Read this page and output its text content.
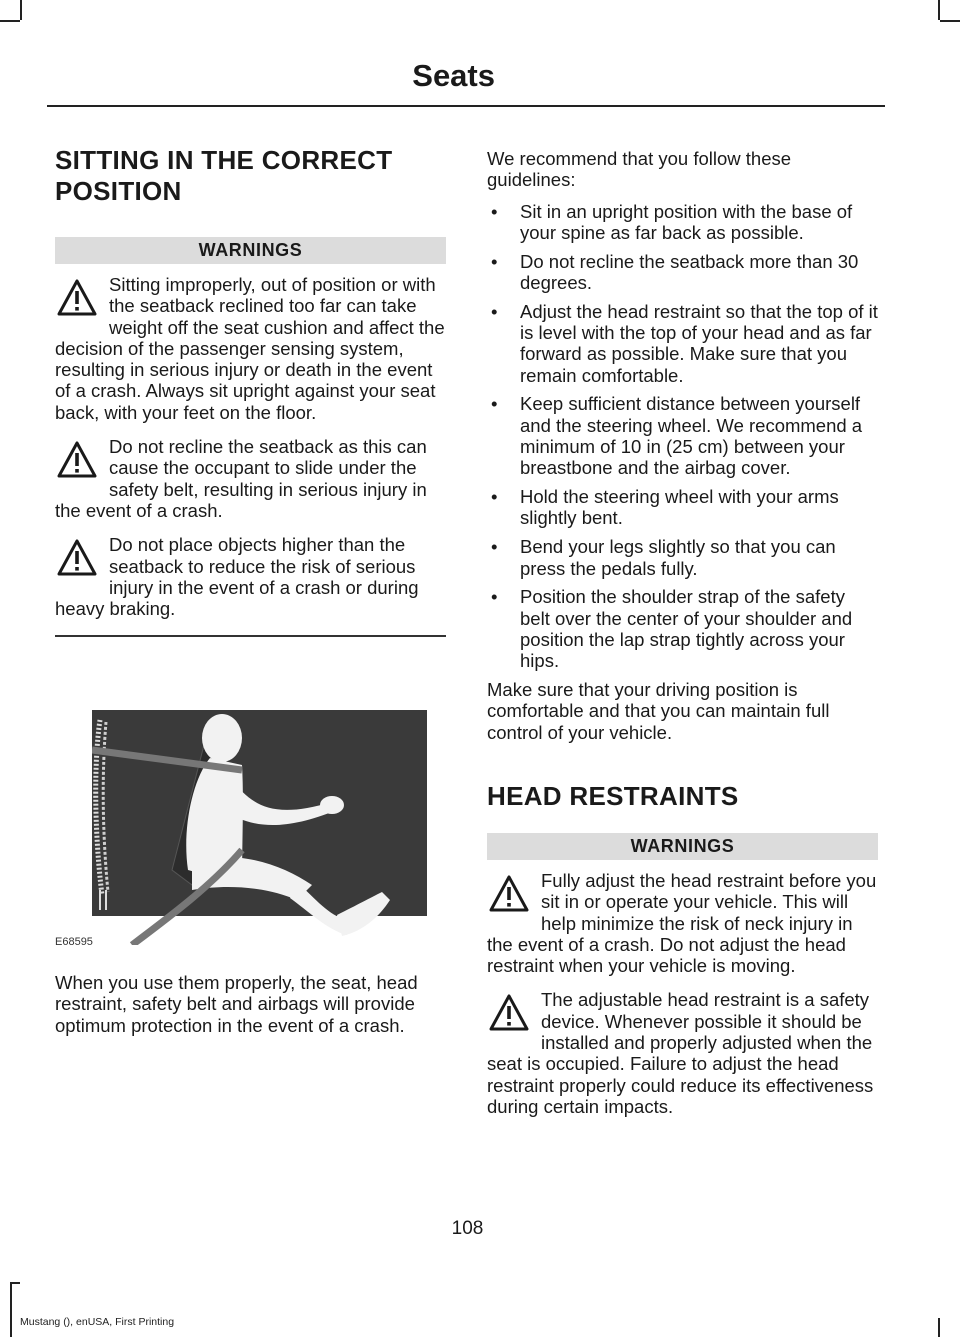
Seats
SITTING IN THE CORRECT POSITION
WARNINGS
Sitting improperly, out of position or with the seatback reclined too far can take weight off the seat cushion and affect the decision of the passenger sensing system, resulting in serious injury or death in the event of a crash. Always sit upright against your seat back, with your feet on the floor.
Do not recline the seatback as this can cause the occupant to slide under the safety belt, resulting in serious injury in the event of a crash.
Do not place objects higher than the seatback to reduce the risk of serious injury in the event of a crash or during heavy braking.
E68595

When you use them properly, the seat, head restraint, safety belt and airbags will provide optimum protection in the event of a crash.

We recommend that you follow these guidelines:

• Sit in an upright position with the base of your spine as far back as possible.
• Do not recline the seatback more than 30 degrees.
• Adjust the head restraint so that the top of it is level with the top of your head and as far forward as possible. Make sure that you remain comfortable.
• Keep sufficient distance between yourself and the steering wheel. We recommend a minimum of 10 in (25 cm) between your breastbone and the airbag cover.
• Hold the steering wheel with your arms slightly bent.
• Bend your legs slightly so that you can press the pedals fully.
• Position the shoulder strap of the safety belt over the center of your shoulder and position the lap strap tightly across your hips.

Make sure that your driving position is comfortable and that you can maintain full control of your vehicle.

HEAD RESTRAINTS
WARNINGS
Fully adjust the head restraint before you sit in or operate your vehicle. This will help minimize the risk of neck injury in the event of a crash. Do not adjust the head restraint when your vehicle is moving.
The adjustable head restraint is a safety device. Whenever possible it should be installed and properly adjusted when the seat is occupied. Failure to adjust the head restraint properly could reduce its effectiveness during certain impacts.
108
Mustang (), enUSA, First Printing
